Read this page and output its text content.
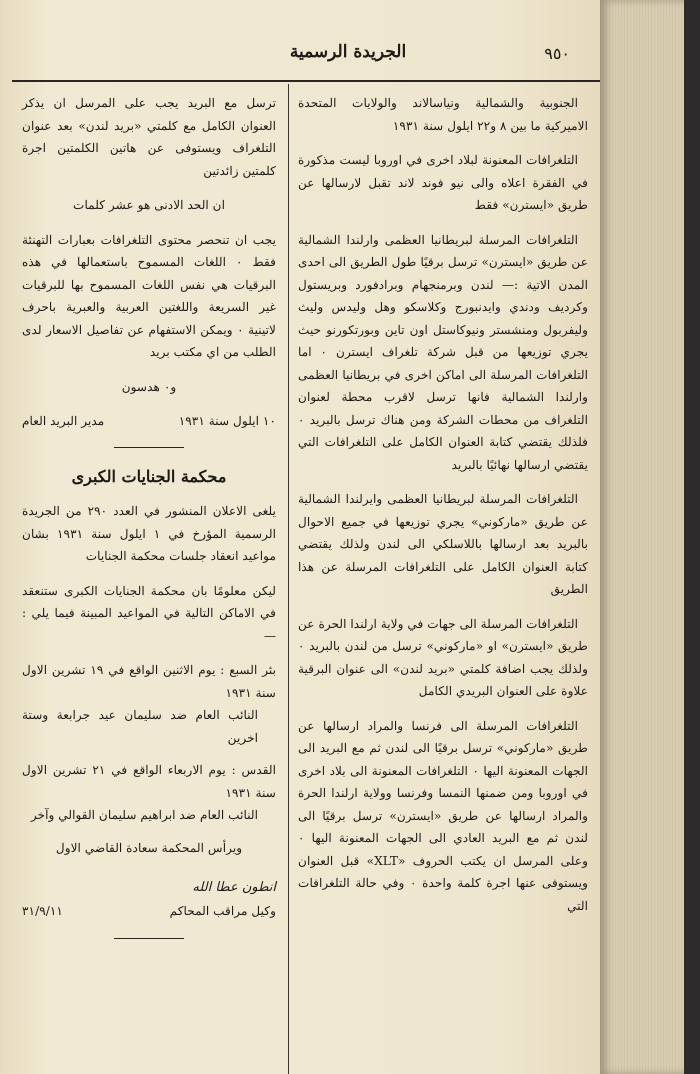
٩٥٠
الجريدة الرسمية

الجنوبية والشمالية ونياسالاند والولايات المتحدة الاميركية ما بين ٨ و٢٢ ايلول سنة ١٩٣١

التلغرافات المعنونة لبلاد اخرى في اوروبا ليست مذكورة في الفقرة اعلاه والى نيو فوند لاند تقبل لارسالها عن طريق «ايسترن» فقط

التلغرافات المرسلة لبريطانيا العظمى وارلندا الشمالية عن طريق «ايسترن» ترسل برقيًا طول الطريق الى احدى المدن الاتية :— لندن وبرمنجهام وبرادفورد وبريستول وكرديف ودندي وايدنبورج وكلاسكو وهل وليدس وليث وليفربول ومنشستر ونيوكاستل اون تاين وبورتكورنو حيث يجري توزيعها من قبل شركة تلغراف ايسترن ٠ اما التلغرافات المرسلة الى اماكن اخرى في بريطانيا العظمى وارلندا الشمالية فانها ترسل لاقرب محطة لعنوان التلغراف من محطات الشركة ومن هناك ترسل بالبريد ٠ فلذلك يقتضي كتابة العنوان الكامل على التلغرافات التي يقتضي ارسالها نهائيًا بالبريد

التلغرافات المرسلة لبريطانيا العظمى وايرلندا الشمالية عن طريق «ماركوني» يجري توزيعها في جميع الاحوال بالبريد بعد ارسالها باللاسلكي الى لندن ولذلك يقتضي كتابة العنوان الكامل على التلغرافات المرسلة عن هذا الطريق

التلغرافات المرسلة الى جهات في ولاية ارلندا الحرة عن طريق «ايسترن» او «ماركوني» ترسل من لندن بالبريد ٠ ولذلك يجب اضافة كلمتي «بريد لندن» الى عنوان البرقية علاوة على العنوان البريدي الكامل

التلغرافات المرسلة الى فرنسا والمراد ارسالها عن طريق «ماركوني» ترسل برقيًا الى لندن ثم مع البريد الى الجهات المعنونة اليها ٠ التلغرافات المعنونة الى بلاد اخرى في اوروبا ومن ضمنها النمسا وفرنسا وولاية ارلندا الحرة والمراد ارسالها عن طريق «ايسترن» ترسل برقيًا الى لندن ثم مع البريد العادي الى الجهات المعنونة اليها ٠ وعلى المرسل ان يكتب الحروف «XLT» قبل العنوان ويستوفى عنها اجرة كلمة واحدة ٠ وفي حالة التلغرافات التي

ترسل مع البريد يجب على المرسل ان يذكر العنوان الكامل مع كلمتي «بريد لندن» بعد عنوان التلغراف ويستوفى عن هاتين الكلمتين اجرة كلمتين زائدتين

ان الحد الادنى هو عشر كلمات

يجب ان تنحصر محتوى التلغرافات بعبارات التهنئة فقط ٠ اللغات المسموح باستعمالها في هذه البرقيات هي نفس اللغات المسموح بها للبرقيات غير السريعة واللغتين العربية والعبرية باحرف لاتينية ٠ ويمكن الاستفهام عن تفاصيل الاسعار لدى الطلب من اي مكتب بريد

و٠ هدسون
١٠ ايلول سنة ١٩٣١
مدير البريد العام
محكمة الجنايات الكبرى

يلغى الاعلان المنشور في العدد ٢٩٠ من الجريدة الرسمية المؤرخ في ١ ايلول سنة ١٩٣١ بشان مواعيد انعقاد جلسات محكمة الجنايات

ليكن معلومًا بان محكمة الجنايات الكبرى ستنعقد في الاماكن التالية في المواعيد المبينة فيما يلي :—

بئر السبع : يوم الاثنين الواقع في ١٩ تشرين الاول سنة ١٩٣١
النائب العام ضد سليمان عيد جرابعة وستة اخرين
القدس : يوم الاربعاء الواقع في ٢١ تشرين الاول سنة ١٩٣١
النائب العام ضد ابراهيم سليمان القوالي وآخر

ويرأس المحكمة سعادة القاضي الاول

انطون عطا الله
وكيل مراقب المحاكم
٣١/٩/١١
